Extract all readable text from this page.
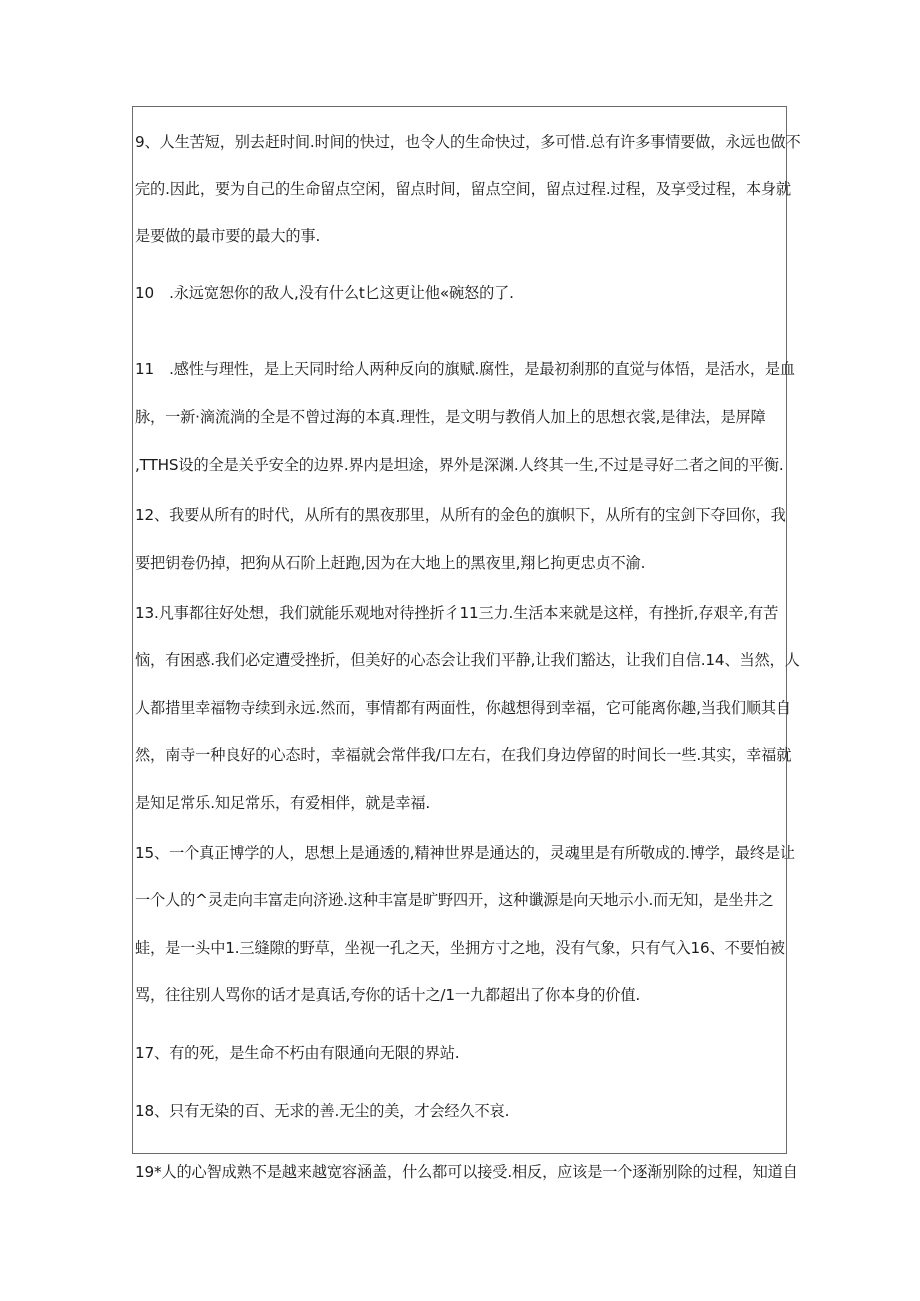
9、人生苦短，别去赶时间.时间的快过，也令人的生命快过，多可惜.总有许多事情要做，永远也做不
完的.因此，要为自己的生命留点空闲，留点时间，留点空间，留点过程.过程，及享受过程，本身就
是要做的最市要的最大的事.
10　.永远宽恕你的敌人,没有什么t匕这更让他«碗怒的了.
11　.感性与理性，是上天同时给人两种反向的旗赋.腐性，是最初刹那的直觉与体悟，是活水，是血
脉，一新·滴流淌的全是不曾过海的本真.理性，是文明与教俏人加上的思想衣裳,是律法，是屏障
,TTHS设的全是关乎安全的边界.界内是坦途，界外是深渊.人终其一生,不过是寻好二者之间的平衡.
12、我要从所有的时代，从所有的黑夜那里，从所有的金色的旗帜下，从所有的宝剑下夺回你，我
要把钥卷仍掉，把狗从石阶上赶跑,因为在大地上的黑夜里,翔匕拘更忠贞不渝.
13.凡事都往好处想，我们就能乐观地对待挫折彳11三力.生活本来就是这样，有挫折,存艰辛,有苦
恼，有困惑.我们必定遭受挫折，但美好的心态会让我们平静,让我们豁达，让我们自信.14、当然，人
人都措里幸福物寺续到永远.然而，事情都有两面性，你越想得到幸福，它可能离你趣,当我们顺其自
然，南寺一种良好的心态时，幸福就会常伴我/口左右，在我们身边停留的时间长一些.其实，幸福就
是知足常乐.知足常乐，有爱相伴，就是幸福.
15、一个真正博学的人，思想上是通透的,精神世界是通达的，灵魂里是有所敬成的.博学，最终是让
一个人的^灵走向丰富走向济逊.这种丰富是旷野四开，这种谶源是向天地示小.而无知，是坐井之
蛙，是一头中1.三缝隙的野草，坐视一孔之天，坐拥方寸之地，没有气象，只有气入16、不要怕被
骂，往往别人骂你的话才是真话,夸你的话十之/1一九都超出了你本身的价值.
17、有的死，是生命不朽由有限通向无限的界站.
18、只有无染的百、无求的善.无尘的美，才会经久不哀.
19*人的心智成熟不是越来越宽容涵盖，什么都可以接受.相反，应该是一个逐渐别除的过程，知道自
